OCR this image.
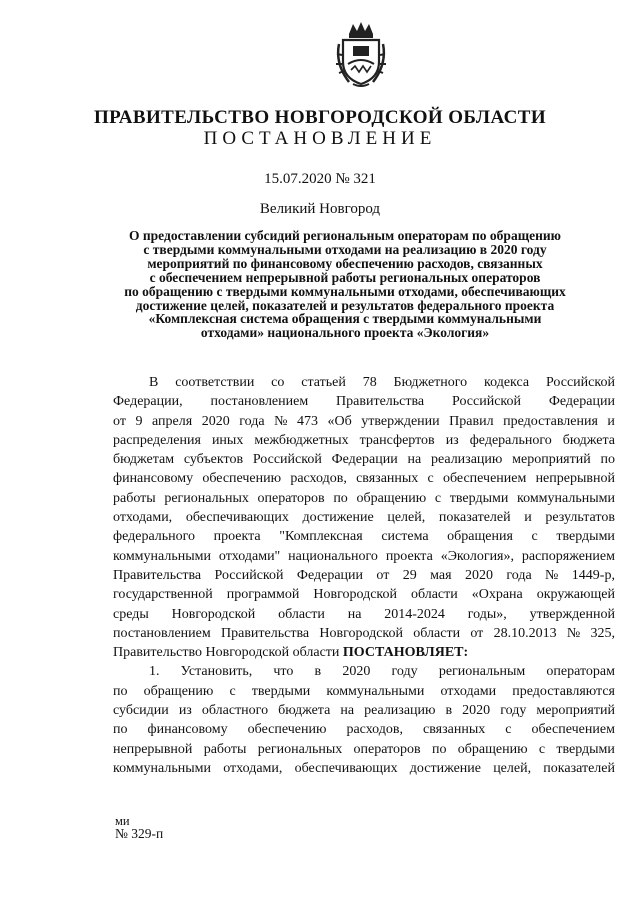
ПРАВИТЕЛЬСТВО НОВГОРОДСКОЙ ОБЛАСТИ
ПОСТАНОВЛЕНИЕ
15.07.2020 № 321
Великий Новгород
О предоставлении субсидий региональным операторам по обращению
с твердыми коммунальными отходами на реализацию в 2020 году
мероприятий по финансовому обеспечению расходов, связанных
с обеспечением непрерывной работы региональных операторов
по обращению с твердыми коммунальными отходами, обеспечивающих
достижение целей, показателей и результатов федерального проекта
«Комплексная система обращения с твердыми коммунальными
отходами» национального проекта «Экология»
В соответствии со статьей 78 Бюджетного кодекса Российской
Федерации, постановлением Правительства Российской Федерации
от 9 апреля 2020 года № 473 «Об утверждении Правил предоставления и
распределения иных межбюджетных трансфертов из федерального бюджета
бюджетам субъектов Российской Федерации на реализацию мероприятий по
финансовому обеспечению расходов, связанных с обеспечением непрерывной
работы региональных операторов по обращению с твердыми коммунальными
отходами, обеспечивающих достижение целей, показателей и результатов
федерального проекта "Комплексная система обращения с твердыми
коммунальными отходами" национального проекта «Экология», распоряжением
Правительства Российской Федерации от 29 мая 2020 года № 1449-р,
государственной программой Новгородской области «Охрана окружающей
среды Новгородской области на 2014-2024 годы», утвержденной
постановлением Правительства Новгородской области от 28.10.2013 № 325,
Правительство Новгородской области
ПОСТАНОВЛЯЕТ:
1. Установить, что в 2020 году региональным операторам
по обращению с твердыми коммунальными отходами предоставляются
субсидии из областного бюджета на реализацию в 2020 году мероприятий
по финансовому обеспечению расходов, связанных с обеспечением
непрерывной работы региональных операторов по обращению с твердыми
коммунальными отходами, обеспечивающих достижение целей, показателей
ми
№ 329-п
